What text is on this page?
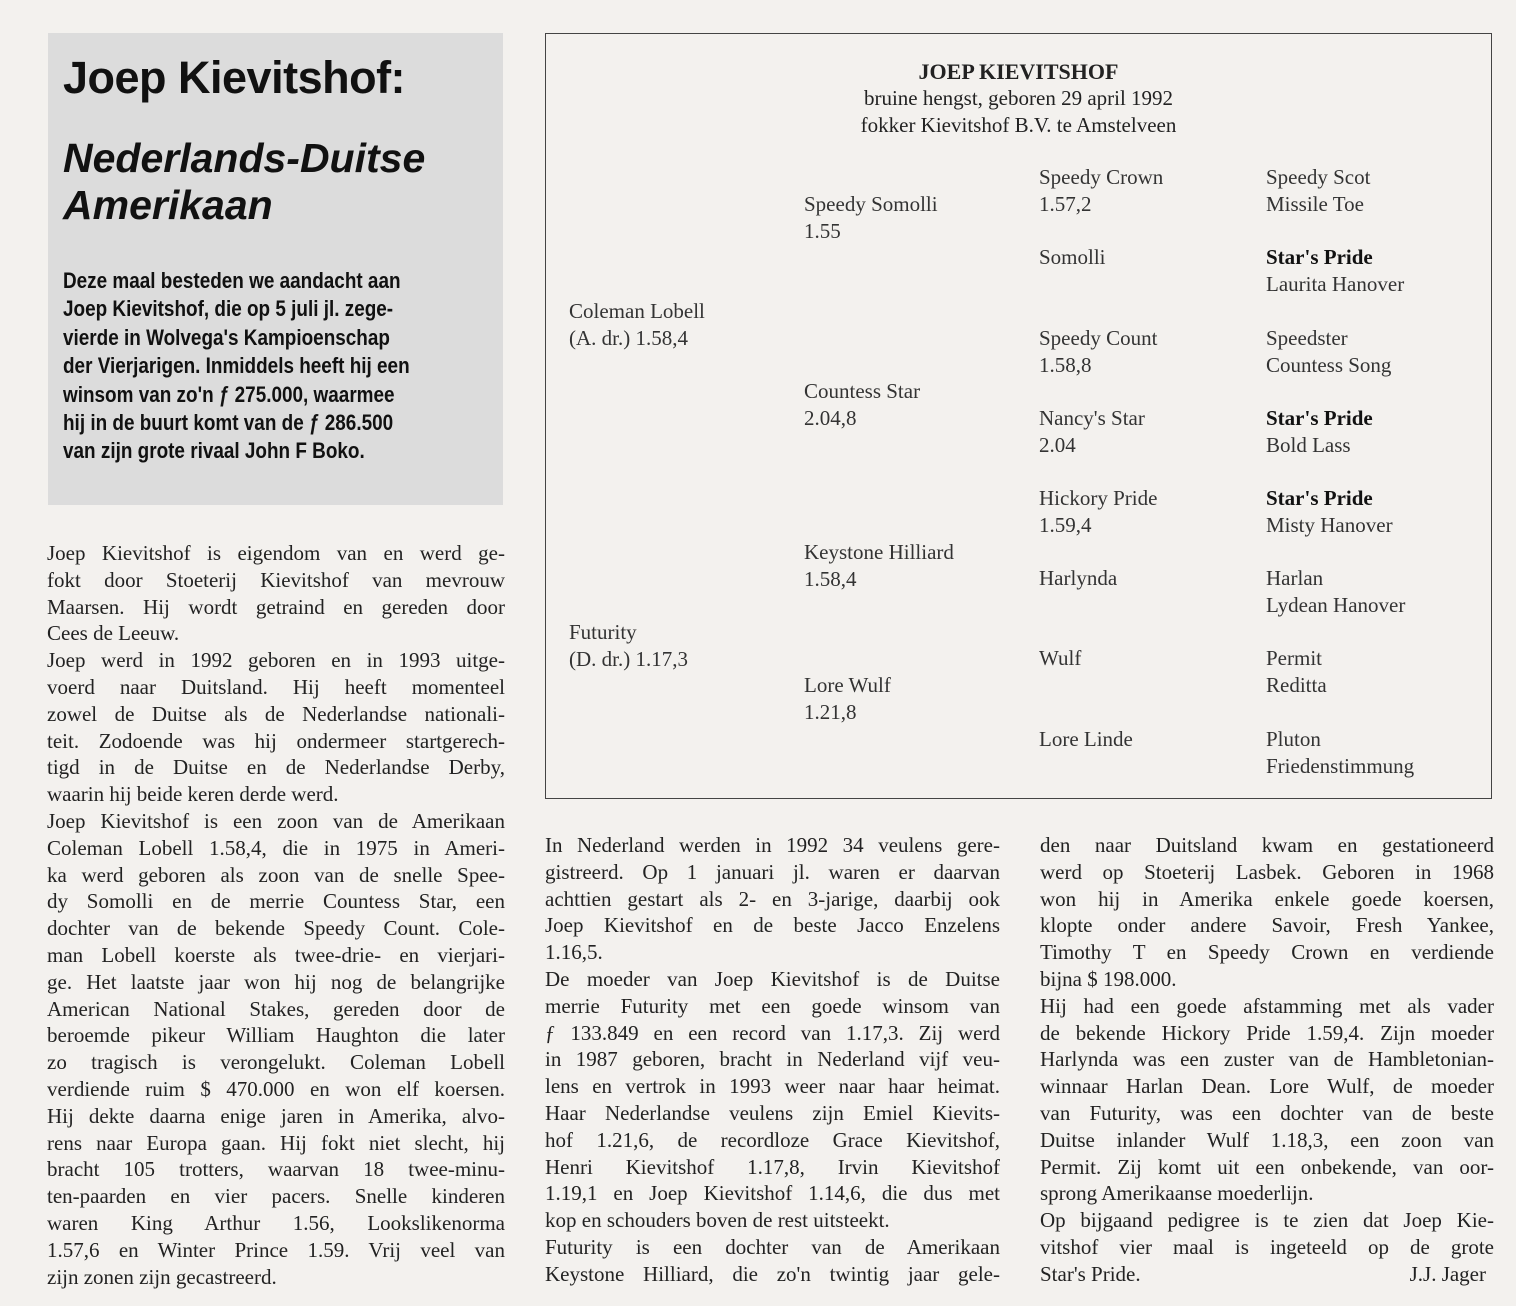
Joep Kievitshof:
Nederlands-Duitse
Amerikaan
Deze maal besteden we aandacht aan
Joep Kievitshof, die op 5 juli jl. zege-
vierde in Wolvega's Kampioenschap
der Vierjarigen. Inmiddels heeft hij een
winsom van zo'n ƒ 275.000, waarmee
hij in de buurt komt van de ƒ 286.500
van zijn grote rivaal John F Boko.
Joep Kievitshof is eigendom van en werd ge-
fokt door Stoeterij Kievitshof van mevrouw
Maarsen. Hij wordt getraind en gereden door
Cees de Leeuw.
Joep werd in 1992 geboren en in 1993 uitge-
voerd naar Duitsland. Hij heeft momenteel
zowel de Duitse als de Nederlandse nationali-
teit. Zodoende was hij ondermeer startgerech-
tigd in de Duitse en de Nederlandse Derby,
waarin hij beide keren derde werd.
Joep Kievitshof is een zoon van de Amerikaan
Coleman Lobell 1.58,4, die in 1975 in Ameri-
ka werd geboren als zoon van de snelle Spee-
dy Somolli en de merrie Countess Star, een
dochter van de bekende Speedy Count. Cole-
man Lobell koerste als twee-drie- en vierjari-
ge. Het laatste jaar won hij nog de belangrijke
American National Stakes, gereden door de
beroemde pikeur William Haughton die later
zo tragisch is verongelukt. Coleman Lobell
verdiende ruim $ 470.000 en won elf koersen.
Hij dekte daarna enige jaren in Amerika, alvo-
rens naar Europa gaan. Hij fokt niet slecht, hij
bracht 105 trotters, waarvan 18 twee-minu-
ten-paarden en vier pacers. Snelle kinderen
waren King Arthur 1.56, Lookslikenorma
1.57,6 en Winter Prince 1.59. Vrij veel van
zijn zonen zijn gecastreerd.
JOEP KIEVITSHOF
bruine hengst, geboren 29 april 1992
fokker Kievitshof B.V. te Amstelveen
Coleman Lobell
(A. dr.) 1.58,4
Futurity
(D. dr.) 1.17,3
Speedy Somolli
1.55
Countess Star
2.04,8
Keystone Hilliard
1.58,4
Lore Wulf
1.21,8
Speedy Crown
1.57,2
Somolli
Speedy Count
1.58,8
Nancy's Star
2.04
Hickory Pride
1.59,4
Harlynda
Wulf
Lore Linde
Speedy Scot
Missile Toe
Star's Pride
Laurita Hanover
Speedster
Countess Song
Star's Pride
Bold Lass
Star's Pride
Misty Hanover
Harlan
Lydean Hanover
Permit
Reditta
Pluton
Friedenstimmung
In Nederland werden in 1992 34 veulens gere-
gistreerd. Op 1 januari jl. waren er daarvan
achttien gestart als 2- en 3-jarige, daarbij ook
Joep Kievitshof en de beste Jacco Enzelens
1.16,5.
De moeder van Joep Kievitshof is de Duitse
merrie Futurity met een goede winsom van
ƒ 133.849 en een record van 1.17,3. Zij werd
in 1987 geboren, bracht in Nederland vijf veu-
lens en vertrok in 1993 weer naar haar heimat.
Haar Nederlandse veulens zijn Emiel Kievits-
hof 1.21,6, de recordloze Grace Kievitshof,
Henri Kievitshof 1.17,8, Irvin Kievitshof
1.19,1 en Joep Kievitshof 1.14,6, die dus met
kop en schouders boven de rest uitsteekt.
Futurity is een dochter van de Amerikaan
Keystone Hilliard, die zo'n twintig jaar gele-
den naar Duitsland kwam en gestationeerd
werd op Stoeterij Lasbek. Geboren in 1968
won hij in Amerika enkele goede koersen,
klopte onder andere Savoir, Fresh Yankee,
Timothy T en Speedy Crown en verdiende
bijna $ 198.000.
Hij had een goede afstamming met als vader
de bekende Hickory Pride 1.59,4. Zijn moeder
Harlynda was een zuster van de Hambletonian-
winnaar Harlan Dean. Lore Wulf, de moeder
van Futurity, was een dochter van de beste
Duitse inlander Wulf 1.18,3, een zoon van
Permit. Zij komt uit een onbekende, van oor-
sprong Amerikaanse moederlijn.
Op bijgaand pedigree is te zien dat Joep Kie-
vitshof vier maal is ingeteeld op de grote
Star's Pride.	J.J. Jager
